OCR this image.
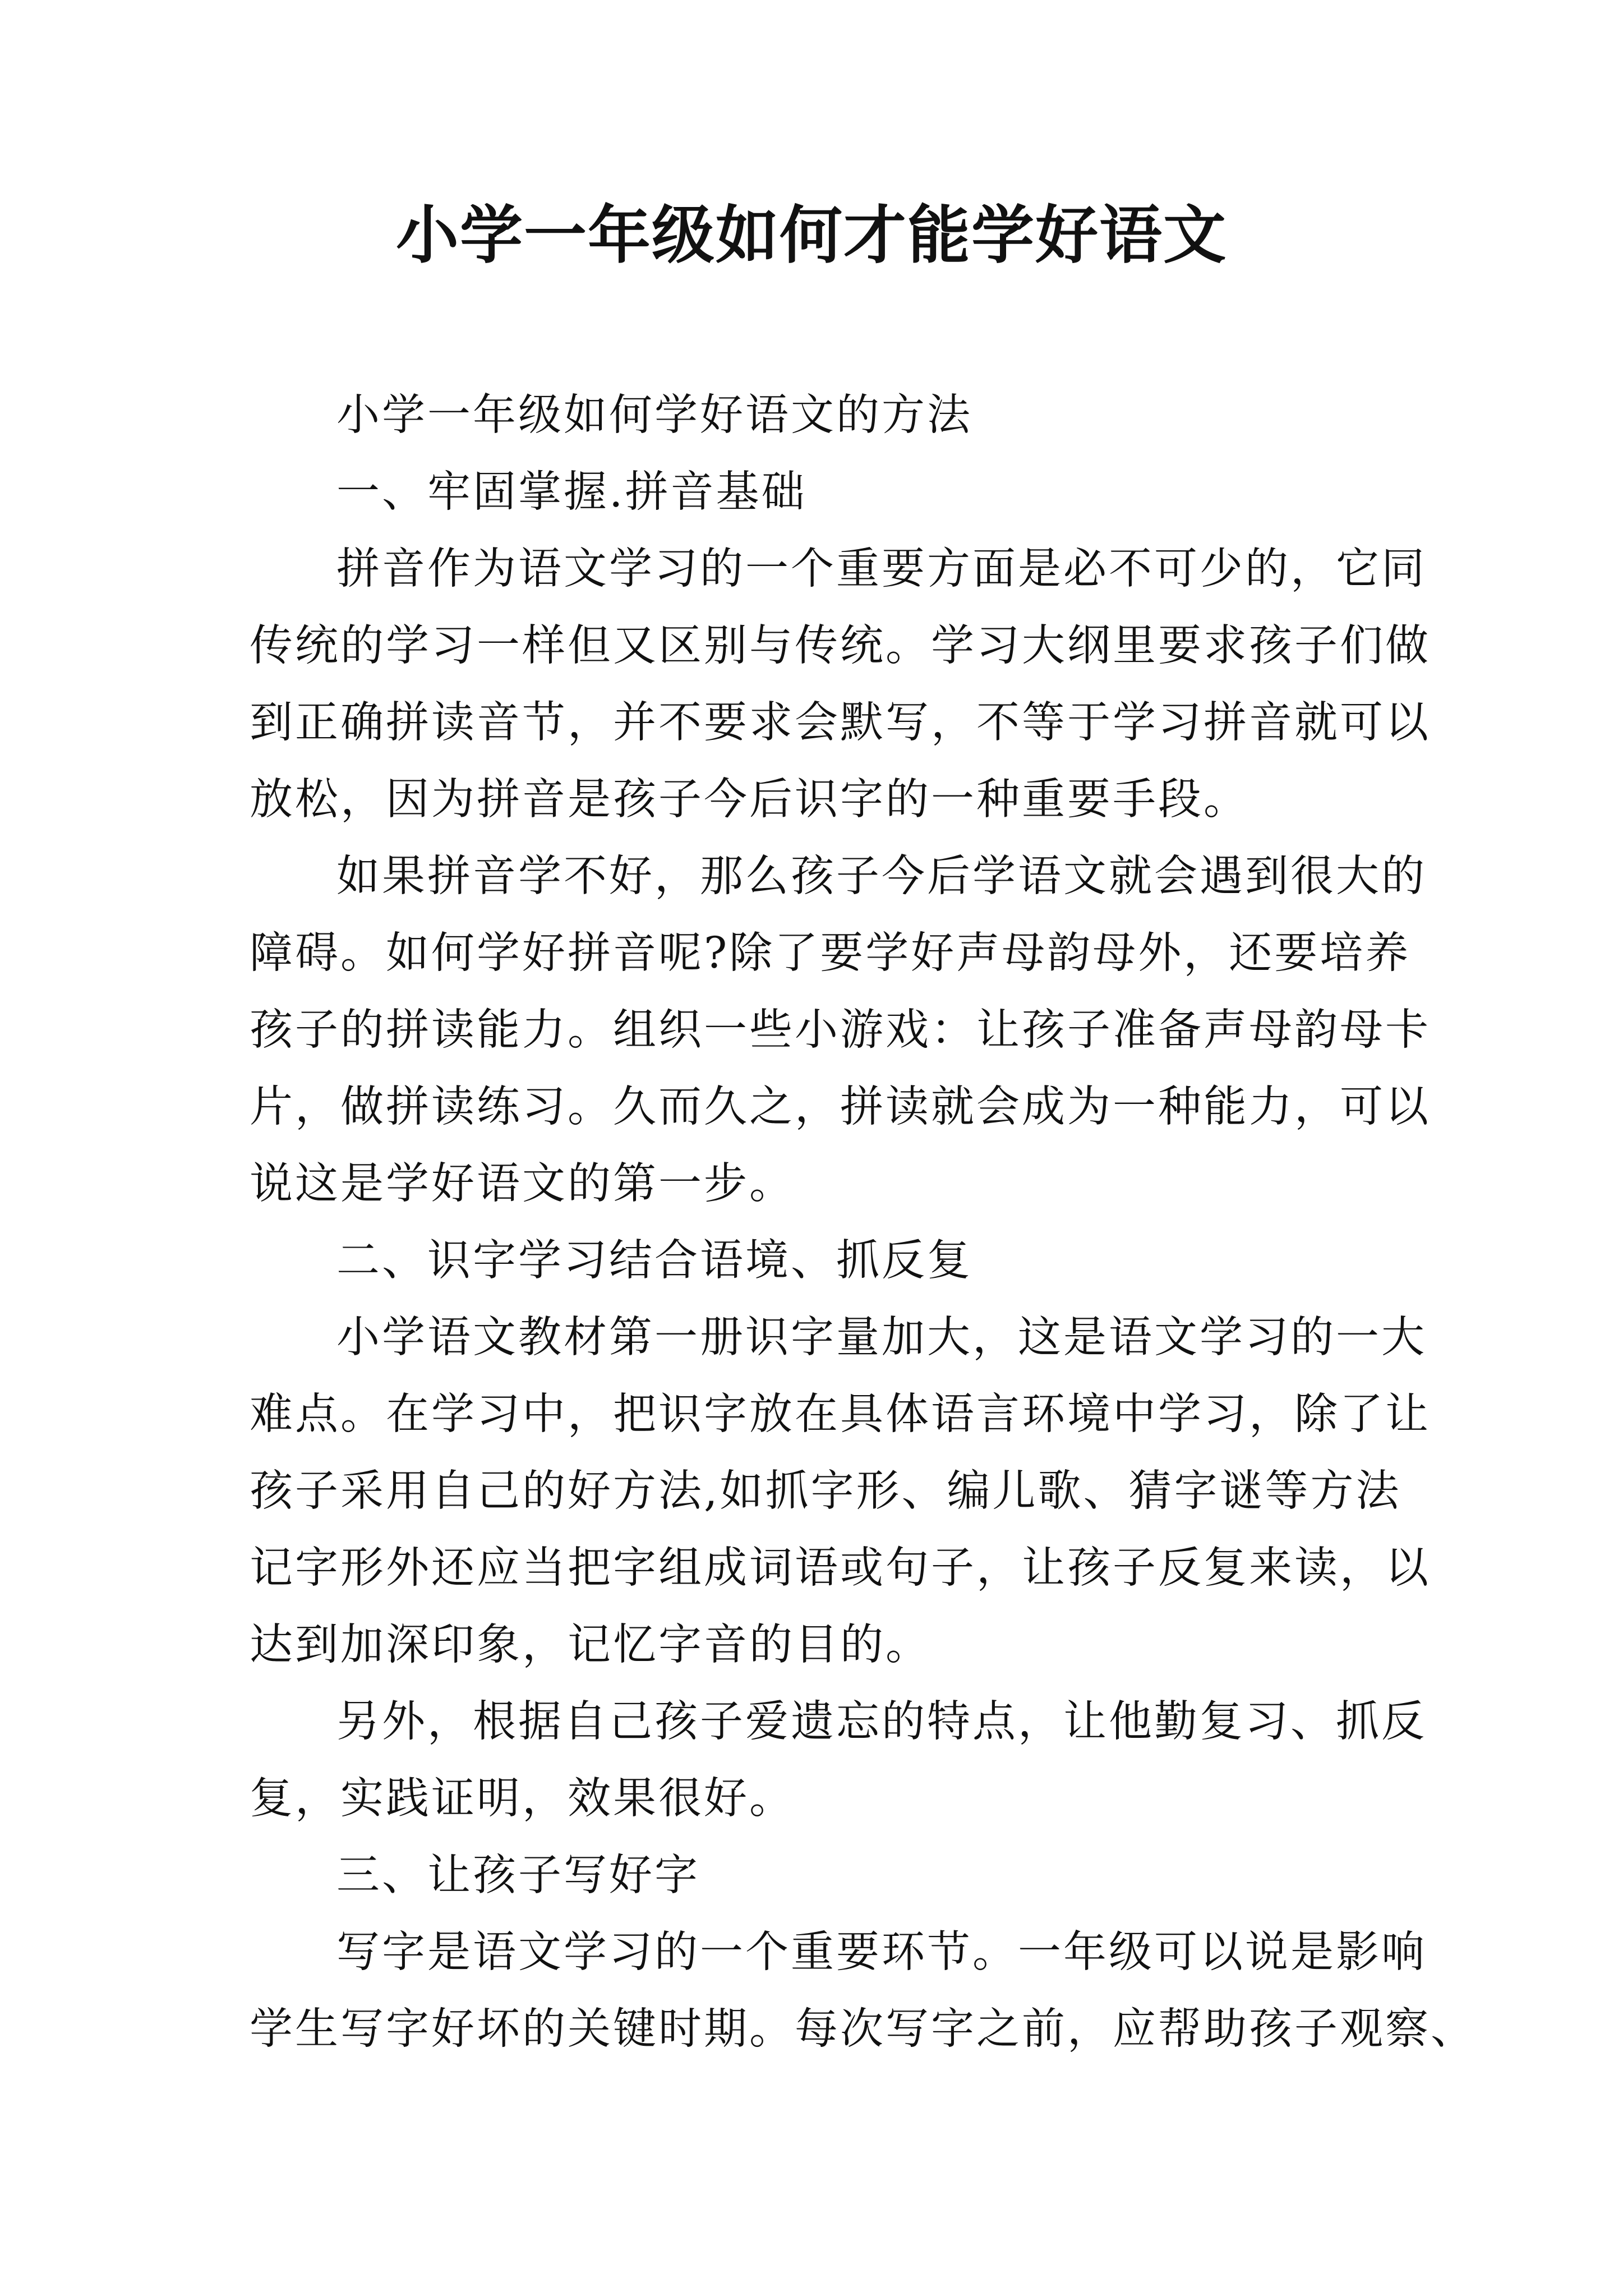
小学一年级如何才能学好语文
小学一年级如何学好语文的方法
一、牢固掌握.拼音基础
拼音作为语文学习的一个重要方面是必不可少的，它同
传统的学习一样但又区别与传统。学习大纲里要求孩子们做
到正确拼读音节，并不要求会默写，不等于学习拼音就可以
放松，因为拼音是孩子今后识字的一种重要手段。
如果拼音学不好，那么孩子今后学语文就会遇到很大的
障碍。如何学好拼音呢?除了要学好声母韵母外，还要培养
孩子的拼读能力。组织一些小游戏：让孩子准备声母韵母卡
片，做拼读练习。久而久之，拼读就会成为一种能力，可以
说这是学好语文的第一步。
二、识字学习结合语境、抓反复
小学语文教材第一册识字量加大，这是语文学习的一大
难点。在学习中，把识字放在具体语言环境中学习，除了让
孩子采用自己的好方法,如抓字形、编儿歌、猜字谜等方法
记字形外还应当把字组成词语或句子，让孩子反复来读，以
达到加深印象，记忆字音的目的。
另外，根据自己孩子爱遗忘的特点，让他勤复习、抓反
复，实践证明，效果很好。
三、让孩子写好字
写字是语文学习的一个重要环节。一年级可以说是影响
学生写字好坏的关键时期。每次写字之前，应帮助孩子观察、
